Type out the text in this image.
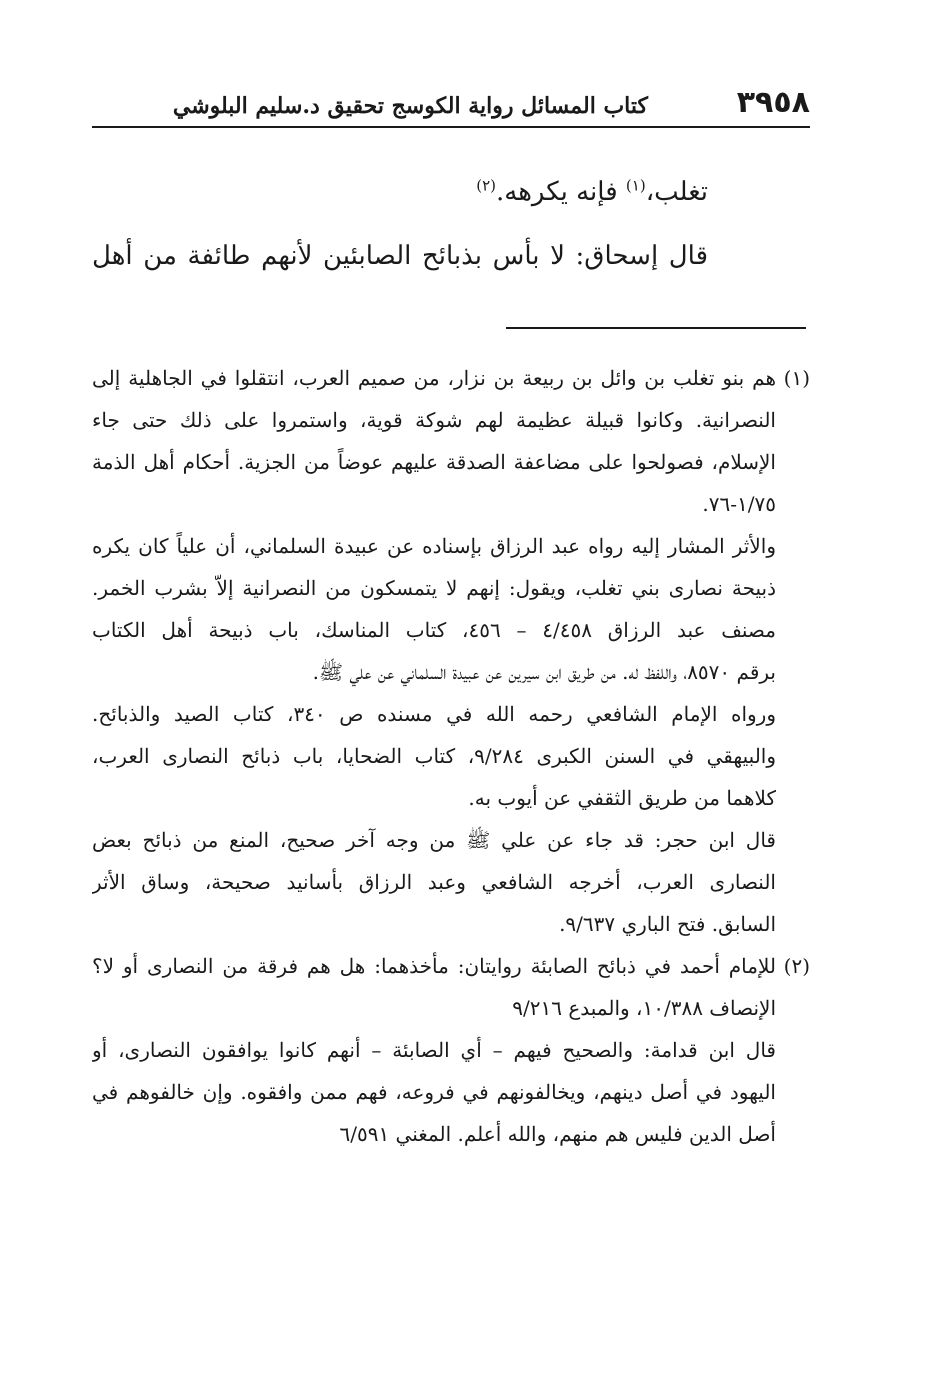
٣٩٥٨
كتاب المسائل رواية الكوسج تحقيق د.سليم البلوشي

تغلب،$^{(١)}$ فإنه يكرهه.$^{(٢)}$

قال إسحاق: لا بأس بذبائح الصابئين لأنهم طائفة من أهل

(١)هم بنو تغلب بن وائل بن ربيعة بن نزار، من صميم العرب، انتقلوا في الجاهلية إلى
النصرانية. وكانوا قبيلة عظيمة لهم شوكة قوية، واستمروا على ذلك حتى جاء
الإسلام، فصولحوا على مضاعفة الصدقة عليهم عوضاً من الجزية. أحكام أهل الذمة
١/٧٥-٧٦.
والأثر المشار إليه رواه عبد الرزاق بإسناده عن عبيدة السلماني، أن علياً كان يكره
ذبيحة نصارى بني تغلب، ويقول: إنهم لا يتمسكون من النصرانية إلاّ بشرب الخمر.
مصنف عبد الرزاق ٤/٤٥٨ – ٤٥٦، كتاب المناسك، باب ذبيحة أهل الكتاب
برقم ٨٥٧٠، واللفظ له. من طريق ابن سيرين عن عبيدة السلماني عن علي ﷺ.
ورواه الإمام الشافعي رحمه الله في مسنده ص ٣٤٠، كتاب الصيد والذبائح.
والبيهقي في السنن الكبرى ٩/٢٨٤، كتاب الضحايا، باب ذبائح النصارى العرب،
كلاهما من طريق الثقفي عن أيوب به.
قال ابن حجر: قد جاء عن علي ﷺ من وجه آخر صحيح، المنع من ذبائح بعض
النصارى العرب، أخرجه الشافعي وعبد الرزاق بأسانيد صحيحة، وساق الأثر
السابق. فتح الباري ٩/٦٣٧.
(٢)للإمام أحمد في ذبائح الصابئة روايتان: مأخذهما: هل هم فرقة من النصارى أو لا؟
الإنصاف ١٠/٣٨٨، والمبدع ٩/٢١٦
قال ابن قدامة: والصحيح فيهم – أي الصابئة – أنهم كانوا يوافقون النصارى، أو
اليهود في أصل دينهم، ويخالفونهم في فروعه، فهم ممن وافقوه. وإن خالفوهم في
أصل الدين فليس هم منهم، والله أعلم. المغني ٦/٥٩١
